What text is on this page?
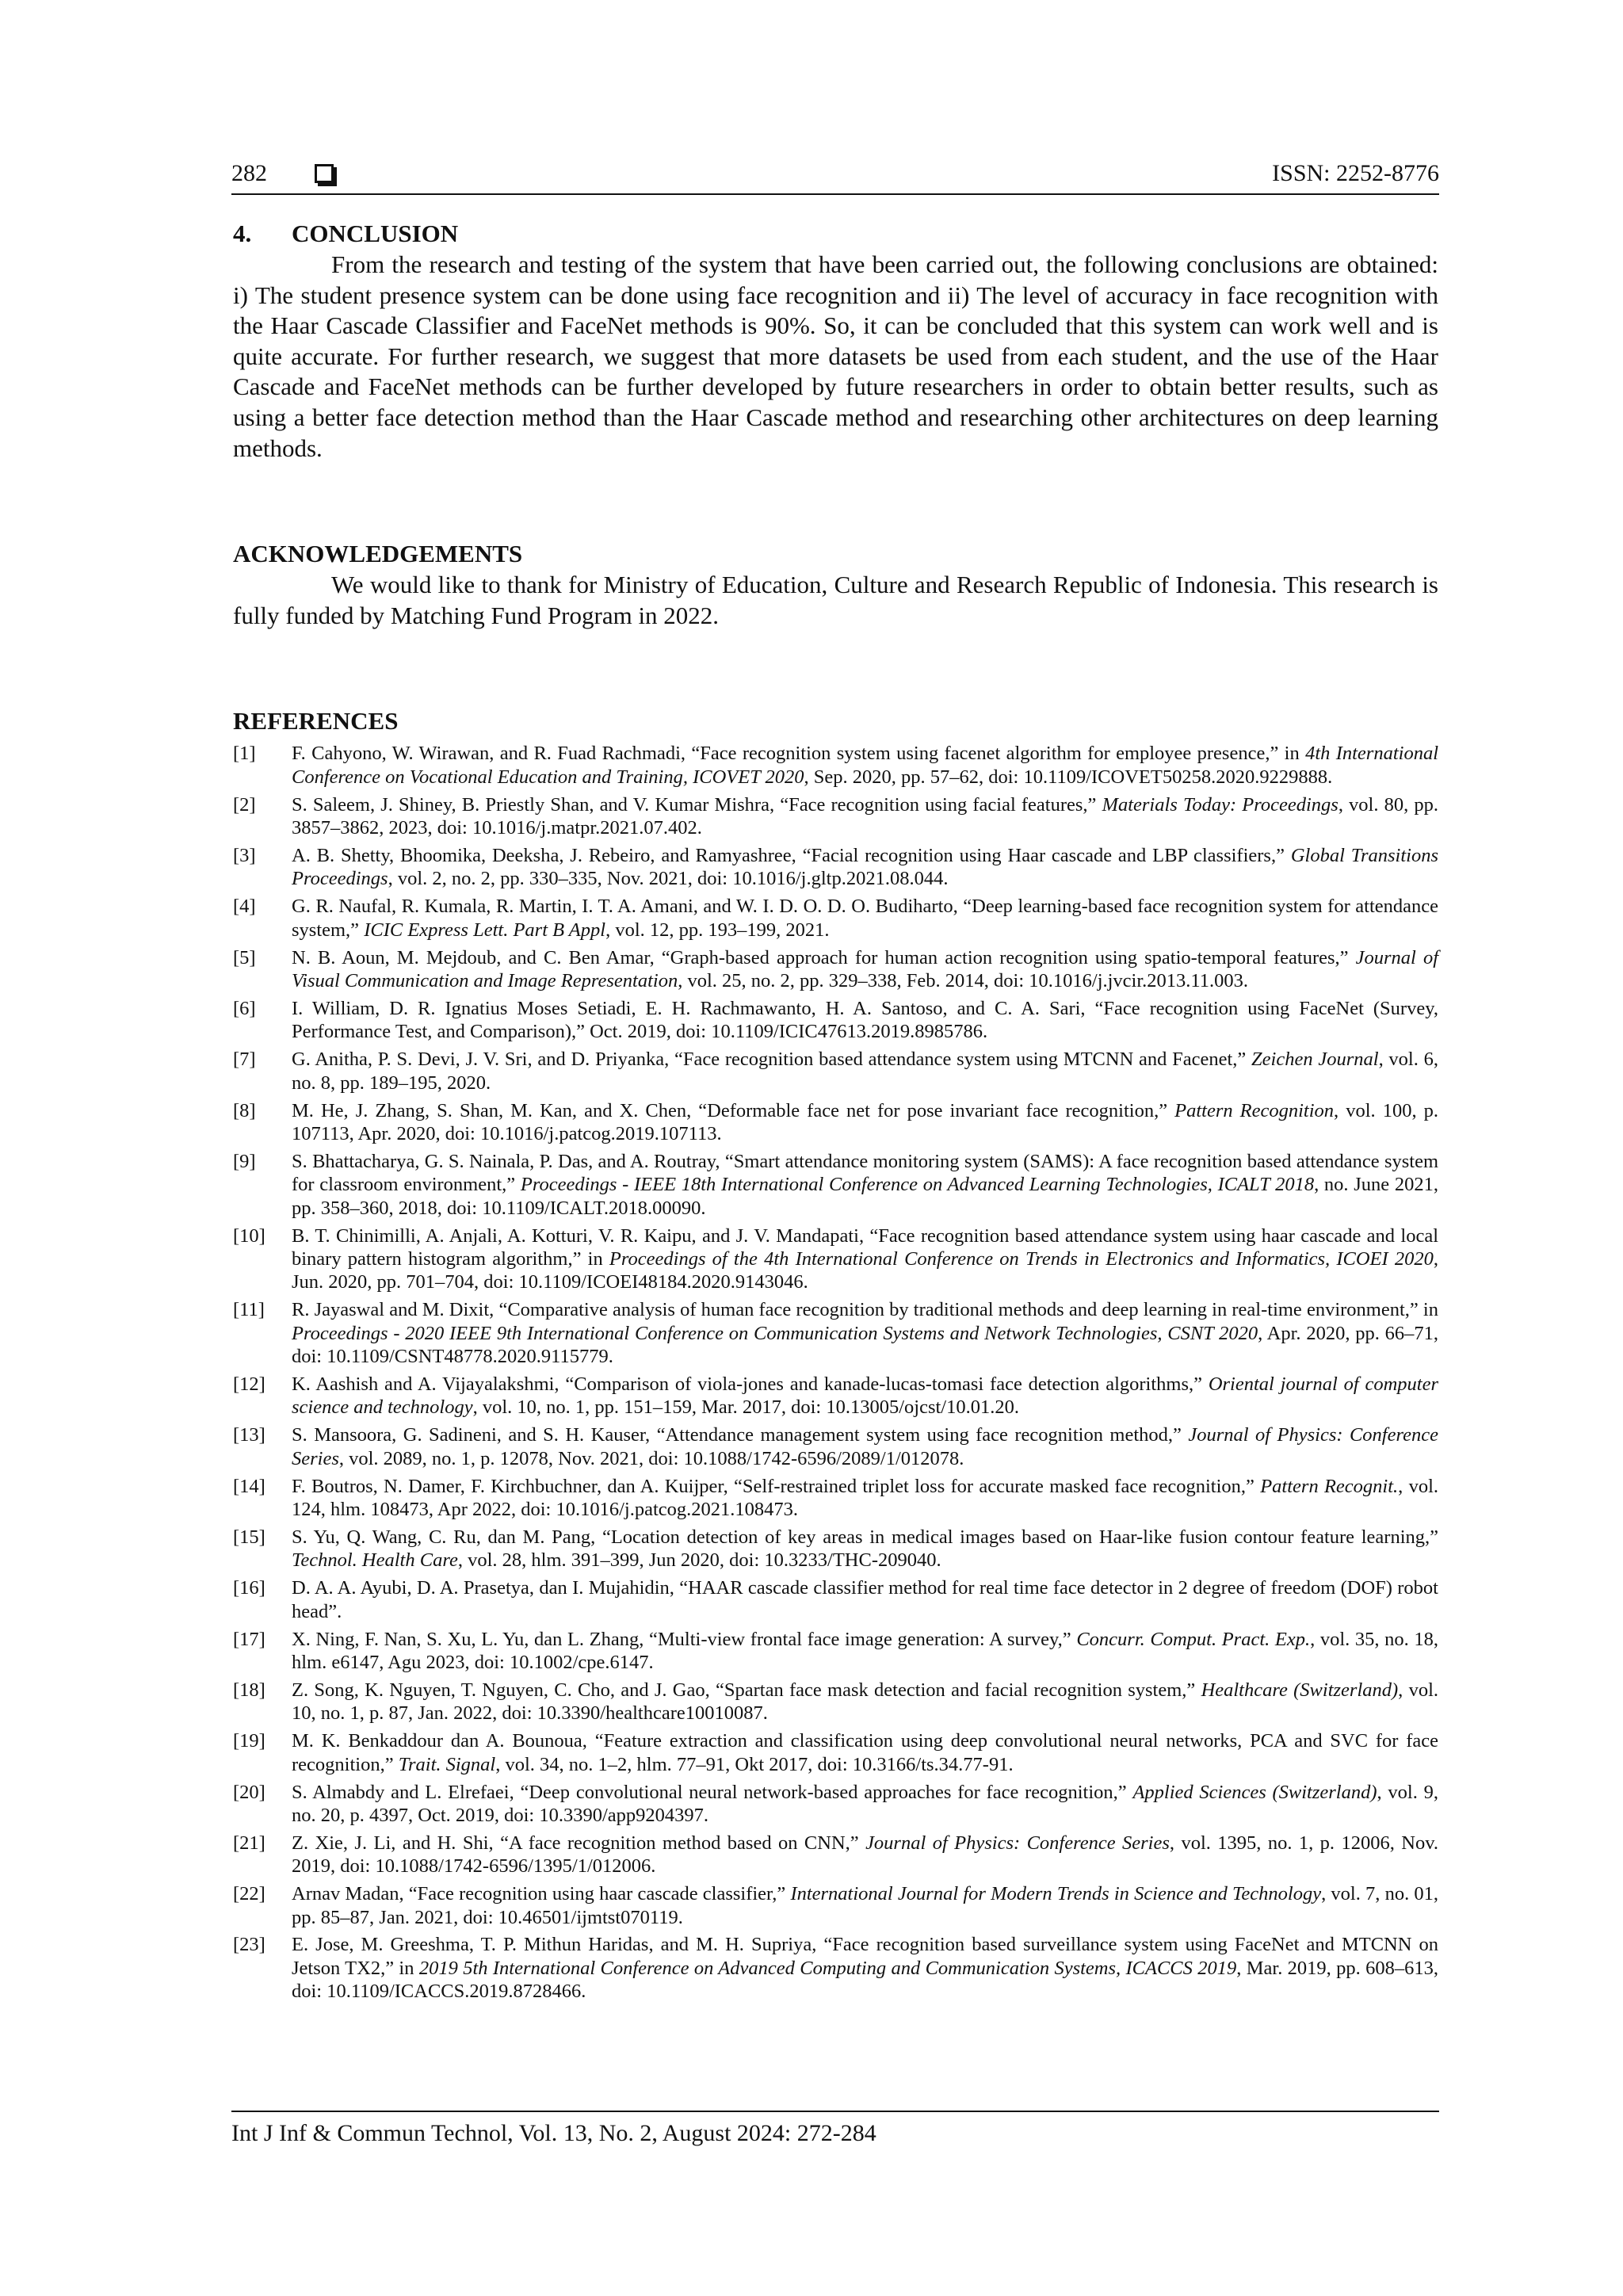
282	ISSN: 2252-8776
4. CONCLUSION

From the research and testing of the system that have been carried out, the following conclusions are obtained: i) The student presence system can be done using face recognition and ii) The level of accuracy in face recognition with the Haar Cascade Classifier and FaceNet methods is 90%. So, it can be concluded that this system can work well and is quite accurate. For further research, we suggest that more datasets be used from each student, and the use of the Haar Cascade and FaceNet methods can be further developed by future researchers in order to obtain better results, such as using a better face detection method than the Haar Cascade method and researching other architectures on deep learning methods.

ACKNOWLEDGEMENTS

We would like to thank for Ministry of Education, Culture and Research Republic of Indonesia. This research is fully funded by Matching Fund Program in 2022.

REFERENCES
[1]	F. Cahyono, W. Wirawan, and R. Fuad Rachmadi, “Face recognition system using facenet algorithm for employee presence,” in 4th International Conference on Vocational Education and Training, ICOVET 2020, Sep. 2020, pp. 57–62, doi: 10.1109/ICOVET50258.2020.9229888.
[2]	S. Saleem, J. Shiney, B. Priestly Shan, and V. Kumar Mishra, “Face recognition using facial features,” Materials Today: Proceedings, vol. 80, pp. 3857–3862, 2023, doi: 10.1016/j.matpr.2021.07.402.
[3]	A. B. Shetty, Bhoomika, Deeksha, J. Rebeiro, and Ramyashree, “Facial recognition using Haar cascade and LBP classifiers,” Global Transitions Proceedings, vol. 2, no. 2, pp. 330–335, Nov. 2021, doi: 10.1016/j.gltp.2021.08.044.
[4]	G. R. Naufal, R. Kumala, R. Martin, I. T. A. Amani, and W. I. D. O. D. O. Budiharto, “Deep learning-based face recognition system for attendance system,” ICIC Express Lett. Part B Appl, vol. 12, pp. 193–199, 2021.
[5]	N. B. Aoun, M. Mejdoub, and C. Ben Amar, “Graph-based approach for human action recognition using spatio-temporal features,” Journal of Visual Communication and Image Representation, vol. 25, no. 2, pp. 329–338, Feb. 2014, doi: 10.1016/j.jvcir.2013.11.003.
[6]	I. William, D. R. Ignatius Moses Setiadi, E. H. Rachmawanto, H. A. Santoso, and C. A. Sari, “Face recognition using FaceNet (Survey, Performance Test, and Comparison),” Oct. 2019, doi: 10.1109/ICIC47613.2019.8985786.
[7]	G. Anitha, P. S. Devi, J. V. Sri, and D. Priyanka, “Face recognition based attendance system using MTCNN and Facenet,” Zeichen Journal, vol. 6, no. 8, pp. 189–195, 2020.
[8]	M. He, J. Zhang, S. Shan, M. Kan, and X. Chen, “Deformable face net for pose invariant face recognition,” Pattern Recognition, vol. 100, p. 107113, Apr. 2020, doi: 10.1016/j.patcog.2019.107113.
[9]	S. Bhattacharya, G. S. Nainala, P. Das, and A. Routray, “Smart attendance monitoring system (SAMS): A face recognition based attendance system for classroom environment,” Proceedings - IEEE 18th International Conference on Advanced Learning Technologies, ICALT 2018, no. June 2021, pp. 358–360, 2018, doi: 10.1109/ICALT.2018.00090.
[10]	B. T. Chinimilli, A. Anjali, A. Kotturi, V. R. Kaipu, and J. V. Mandapati, “Face recognition based attendance system using haar cascade and local binary pattern histogram algorithm,” in Proceedings of the 4th International Conference on Trends in Electronics and Informatics, ICOEI 2020, Jun. 2020, pp. 701–704, doi: 10.1109/ICOEI48184.2020.9143046.
[11]	R. Jayaswal and M. Dixit, “Comparative analysis of human face recognition by traditional methods and deep learning in real-time environment,” in Proceedings - 2020 IEEE 9th International Conference on Communication Systems and Network Technologies, CSNT 2020, Apr. 2020, pp. 66–71, doi: 10.1109/CSNT48778.2020.9115779.
[12]	K. Aashish and A. Vijayalakshmi, “Comparison of viola-jones and kanade-lucas-tomasi face detection algorithms,” Oriental journal of computer science and technology, vol. 10, no. 1, pp. 151–159, Mar. 2017, doi: 10.13005/ojcst/10.01.20.
[13]	S. Mansoora, G. Sadineni, and S. H. Kauser, “Attendance management system using face recognition method,” Journal of Physics: Conference Series, vol. 2089, no. 1, p. 12078, Nov. 2021, doi: 10.1088/1742-6596/2089/1/012078.
[14]	F. Boutros, N. Damer, F. Kirchbuchner, dan A. Kuijper, “Self-restrained triplet loss for accurate masked face recognition,” Pattern Recognit., vol. 124, hlm. 108473, Apr 2022, doi: 10.1016/j.patcog.2021.108473.
[15]	S. Yu, Q. Wang, C. Ru, dan M. Pang, “Location detection of key areas in medical images based on Haar-like fusion contour feature learning,” Technol. Health Care, vol. 28, hlm. 391–399, Jun 2020, doi: 10.3233/THC-209040.
[16]	D. A. A. Ayubi, D. A. Prasetya, dan I. Mujahidin, “HAAR cascade classifier method for real time face detector in 2 degree of freedom (DOF) robot head”.
[17]	X. Ning, F. Nan, S. Xu, L. Yu, dan L. Zhang, “Multi-view frontal face image generation: A survey,” Concurr. Comput. Pract. Exp., vol. 35, no. 18, hlm. e6147, Agu 2023, doi: 10.1002/cpe.6147.
[18]	Z. Song, K. Nguyen, T. Nguyen, C. Cho, and J. Gao, “Spartan face mask detection and facial recognition system,” Healthcare (Switzerland), vol. 10, no. 1, p. 87, Jan. 2022, doi: 10.3390/healthcare10010087.
[19]	M. K. Benkaddour dan A. Bounoua, “Feature extraction and classification using deep convolutional neural networks, PCA and SVC for face recognition,” Trait. Signal, vol. 34, no. 1–2, hlm. 77–91, Okt 2017, doi: 10.3166/ts.34.77-91.
[20]	S. Almabdy and L. Elrefaei, “Deep convolutional neural network-based approaches for face recognition,” Applied Sciences (Switzerland), vol. 9, no. 20, p. 4397, Oct. 2019, doi: 10.3390/app9204397.
[21]	Z. Xie, J. Li, and H. Shi, “A face recognition method based on CNN,” Journal of Physics: Conference Series, vol. 1395, no. 1, p. 12006, Nov. 2019, doi: 10.1088/1742-6596/1395/1/012006.
[22]	Arnav Madan, “Face recognition using haar cascade classifier,” International Journal for Modern Trends in Science and Technology, vol. 7, no. 01, pp. 85–87, Jan. 2021, doi: 10.46501/ijmtst070119.
[23]	E. Jose, M. Greeshma, T. P. Mithun Haridas, and M. H. Supriya, “Face recognition based surveillance system using FaceNet and MTCNN on Jetson TX2,” in 2019 5th International Conference on Advanced Computing and Communication Systems, ICACCS 2019, Mar. 2019, pp. 608–613, doi: 10.1109/ICACCS.2019.8728466.
Int J Inf & Commun Technol, Vol. 13, No. 2, August 2024: 272-284
